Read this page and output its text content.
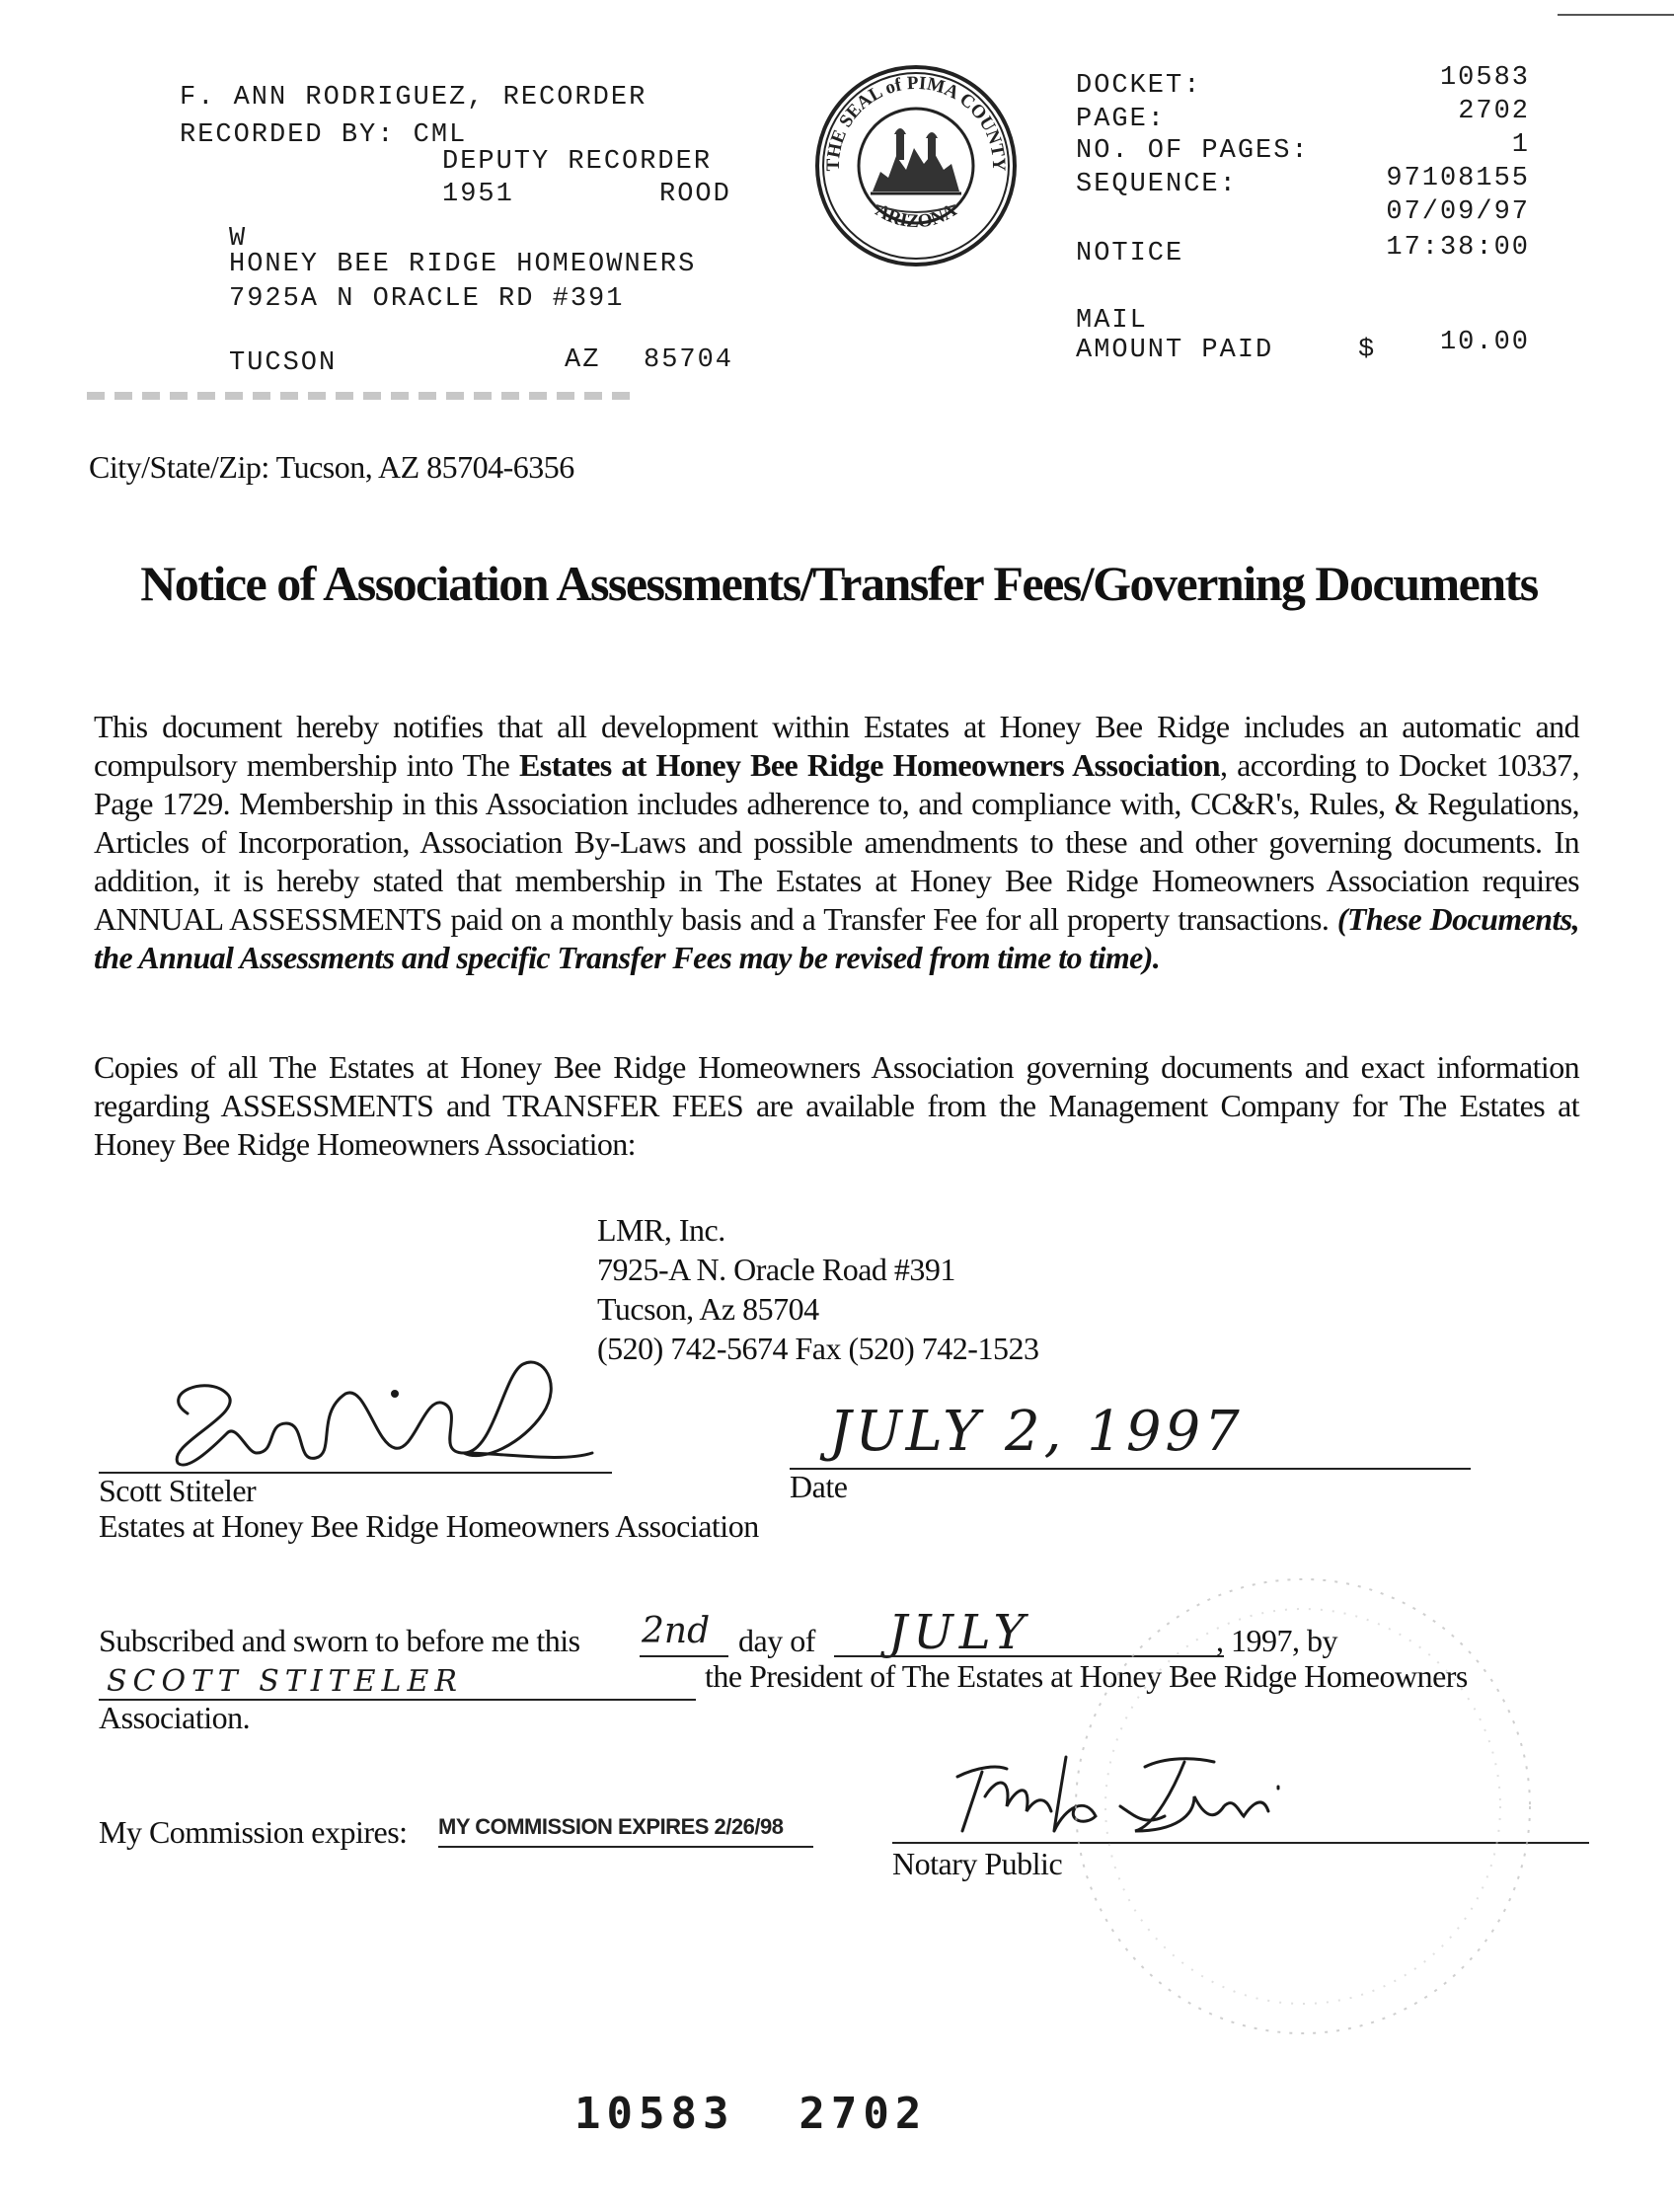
F. ANN RODRIGUEZ, RECORDER
RECORDED BY: CML
DEPUTY RECORDER
1951	ROOD
W
HONEY BEE RIDGE HOMEOWNERS
7925A N ORACLE RD #391
TUCSON	AZ 85704
THE SEAL of PIMA COUNTY
ARIZONA
DOCKET:	10583
PAGE:	2702
NO. OF PAGES:	1
SEQUENCE:	97108155
07/09/97
NOTICE	17:38:00
MAIL
AMOUNT PAID	$	10.00
City/State/Zip: Tucson, AZ 85704-6356
Notice of Association Assessments/Transfer Fees/Governing Documents
This document hereby notifies that all development within Estates at Honey Bee Ridge includes an automatic and compulsory membership into The Estates at Honey Bee Ridge Homeowners Association, according to Docket 10337, Page 1729. Membership in this Association includes adherence to, and compliance with, CC&R's, Rules, & Regulations, Articles of Incorporation, Association By-Laws and possible amendments to these and other governing documents. In addition, it is hereby stated that membership in The Estates at Honey Bee Ridge Homeowners Association requires ANNUAL ASSESSMENTS paid on a monthly basis and a Transfer Fee for all property transactions. (These Documents, the Annual Assessments and specific Transfer Fees may be revised from time to time).
Copies of all The Estates at Honey Bee Ridge Homeowners Association governing documents and exact information regarding ASSESSMENTS and TRANSFER FEES are available from the Management Company for The Estates at Honey Bee Ridge Homeowners Association:
LMR, Inc.
7925-A N. Oracle Road #391
Tucson, Az 85704
(520) 742-5674 Fax (520) 742-1523
Scott Stiteler
Estates at Honey Bee Ridge Homeowners Association
JULY 2, 1997
Date
Subscribed and sworn to before me this 2nd day of JULY	, 1997, by
SCOTT STITELER	the President of The Estates at Honey Bee Ridge Homeowners
Association.
My Commission expires: MY COMMISSION EXPIRES 2/26/98
Notary Public
10583  2702
